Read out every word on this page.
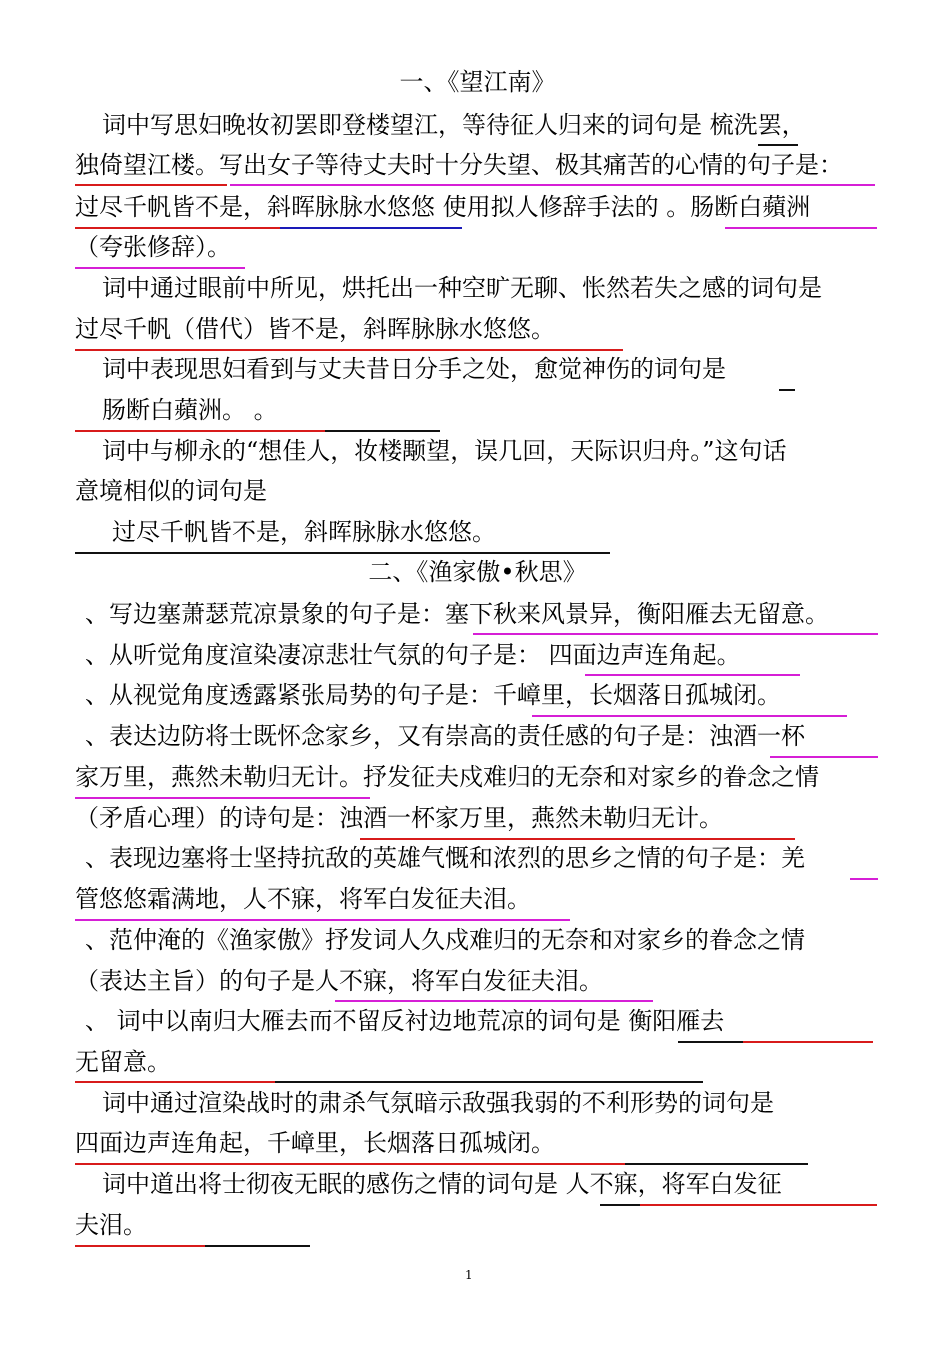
一、《望江南》
词中写思妇晚妆初罢即登楼望江，等待征人归来的词句是 梳洗罢，
独倚望江楼。写出女子等待丈夫时十分失望、极其痛苦的心情的句子是：
过尽千帆皆不是，斜晖脉脉水悠悠 使用拟人修辞手法的 。肠断白蘋洲
（夸张修辞）。
词中通过眼前中所见，烘托出一种空旷无聊、怅然若失之感的词句是
过尽千帆（借代）皆不是，斜晖脉脉水悠悠。
词中表现思妇看到与丈夫昔日分手之处，愈觉神伤的词句是
肠断白蘋洲。 。
词中与柳永的“想佳人，妆楼颙望，误几回，天际识归舟。”这句话
意境相似的词句是
过尽千帆皆不是，斜晖脉脉水悠悠。
二、《渔家傲•秋思》
、写边塞萧瑟荒凉景象的句子是：塞下秋来风景异，衡阳雁去无留意。
、从听觉角度渲染凄凉悲壮气氛的句子是： 四面边声连角起。
、从视觉角度透露紧张局势的句子是：千嶂里，长烟落日孤城闭。
、表达边防将士既怀念家乡，又有崇高的责任感的句子是：浊酒一杯
家万里，燕然未勒归无计。抒发征夫戍难归的无奈和对家乡的眷念之情
（矛盾心理）的诗句是：浊酒一杯家万里，燕然未勒归无计。
、表现边塞将士坚持抗敌的英雄气慨和浓烈的思乡之情的句子是：羌
管悠悠霜满地，人不寐，将军白发征夫泪。
、范仲淹的《渔家傲》抒发词人久戍难归的无奈和对家乡的眷念之情
（表达主旨）的句子是人不寐，将军白发征夫泪。
、 词中以南归大雁去而不留反衬边地荒凉的词句是 衡阳雁去
无留意。
词中通过渲染战时的肃杀气氛暗示敌强我弱的不利形势的词句是
四面边声连角起，千嶂里，长烟落日孤城闭。
词中道出将士彻夜无眠的感伤之情的词句是 人不寐，将军白发征
夫泪。
1
